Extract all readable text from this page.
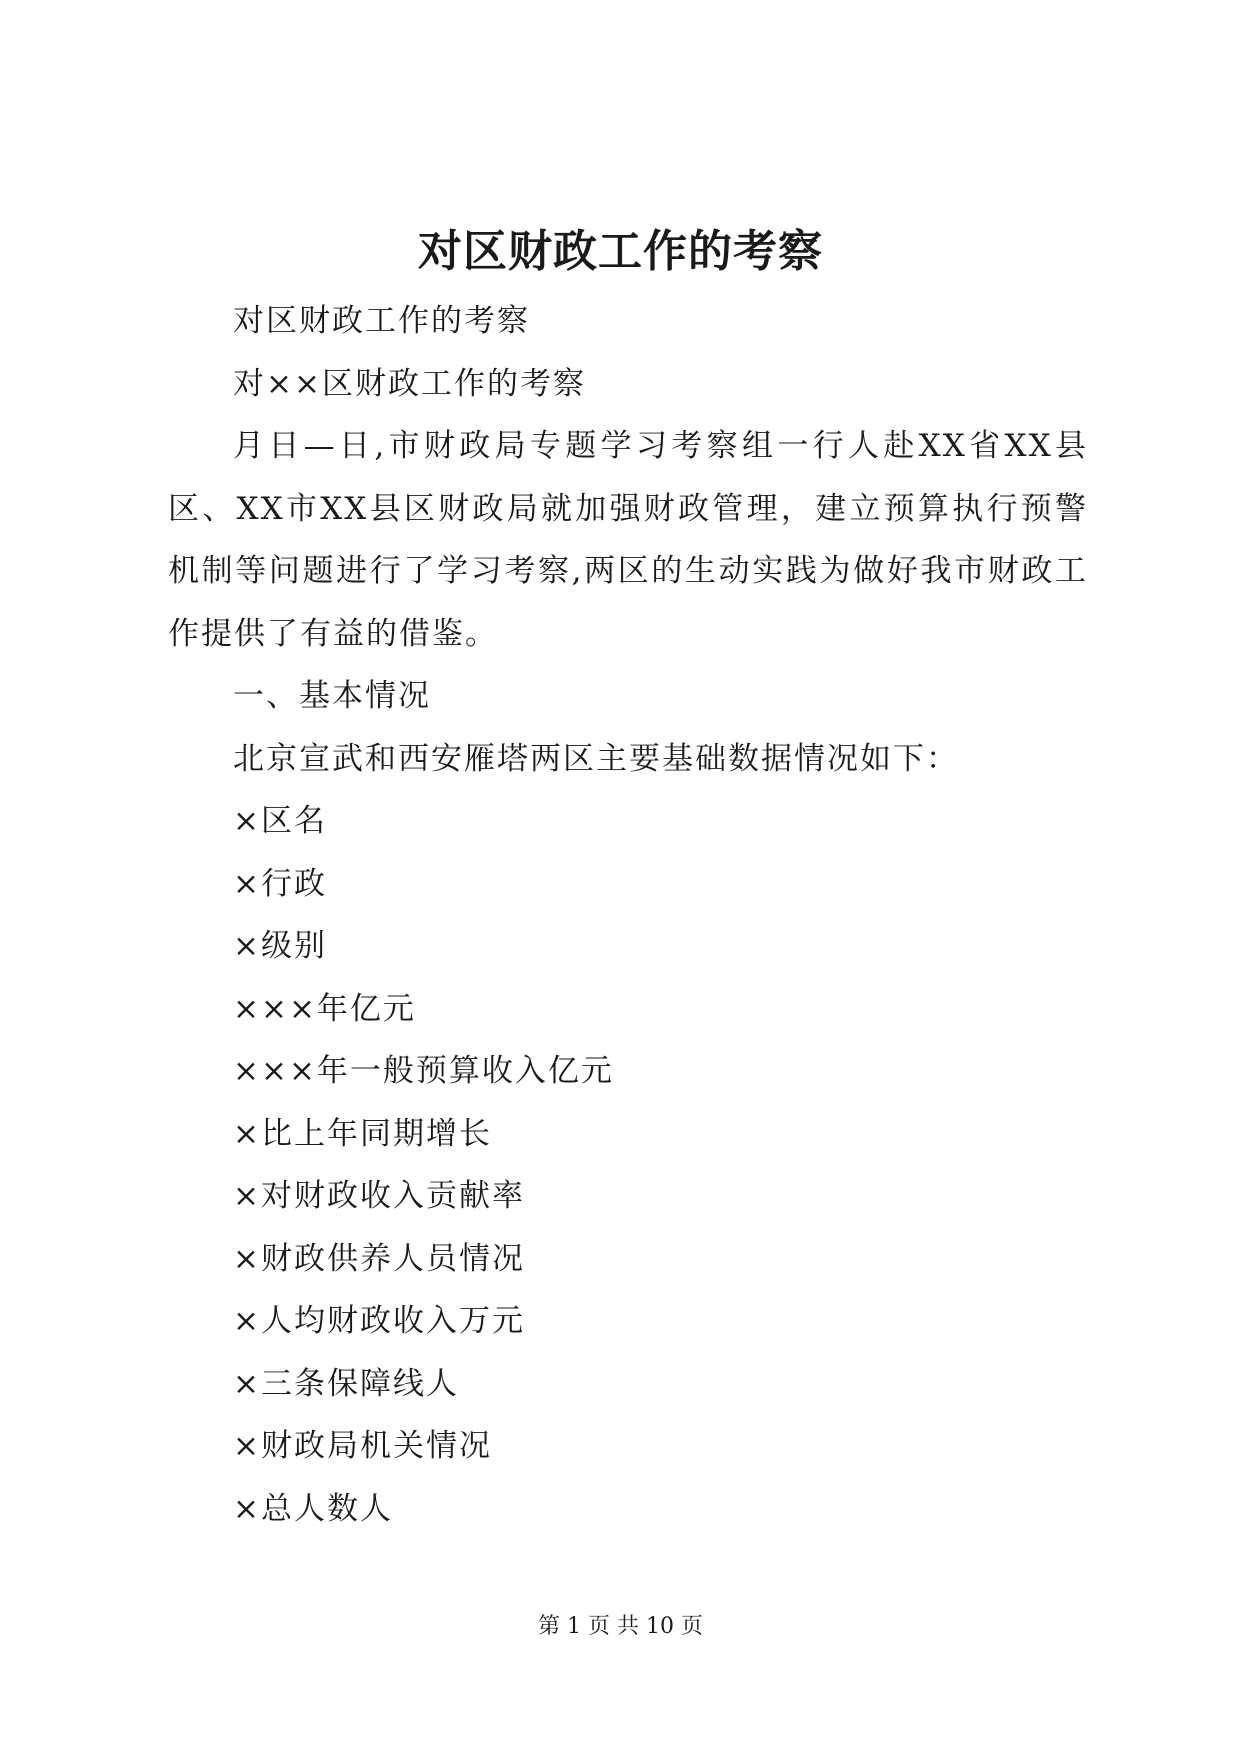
对区财政工作的考察

对区财政工作的考察

对××区财政工作的考察

月日—日,市财政局专题学习考察组一行人赴XX省XX县区、XX市XX县区财政局就加强财政管理，建立预算执行预警机制等问题进行了学习考察,两区的生动实践为做好我市财政工作提供了有益的借鉴。

一、基本情况

北京宣武和西安雁塔两区主要基础数据情况如下：

×区名

×行政

×级别

×××年亿元

×××年一般预算收入亿元

×比上年同期增长

×对财政收入贡献率

×财政供养人员情况

×人均财政收入万元

×三条保障线人

×财政局机关情况

×总人数人

第 1 页 共 10 页
